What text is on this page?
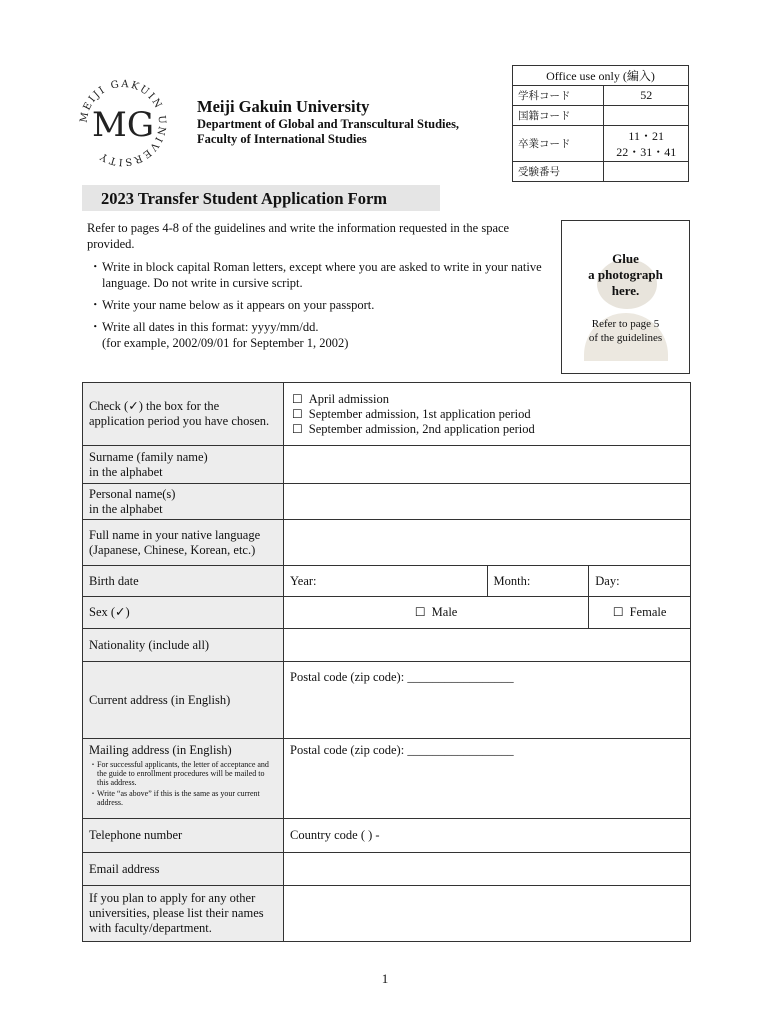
MEIJI GAKUIN UNIVERSITY
MG	Meiji Gakuin University
Department of Global and Transcultural Studies,
Faculty of International Studies
Office use only (編入)	
学科コード	52
国籍コード	
卒業コード	11・21
22・31・41

受験番号	
2023 Transfer Student Application Form
Refer to pages 4-8 of the guidelines and write the information requested in the space provided.
・ Write in block capital Roman letters, except where you are asked to write in your native language. Do not write in cursive script.
・ Write your name below as it appears on your passport.
・ Write all dates in this format: yyyy/mm/dd.
(for example, 2002/09/01 for September 1, 2002)
Glue
a photograph
here.
Refer to page 5
of the guidelines
Check (✓) the box for the application period you have chosen.	☐ April admission
☐ September admission, 1st application period
☐ September admission, 2nd application period		

Surname (family name)
in the alphabet			

Personal name(s)
in the alphabet			

Full name in your native language (Japanese, Chinese, Korean, etc.)			
Birth date	Year:	Month:	Day:
Sex (✓)	☐ Male		☐ Female
Nationality (include all)			
Current address (in English)	Postal code (zip code): _________________		

Mailing address (in English)
・ For successful applicants, the letter of acceptance and the guide to enrollment procedures will be mailed to this address.
・ Write “as above” if this is the same as your current address.	Postal code (zip code): _________________		
Telephone number	Country code ( ) -		
Email address			
If you plan to apply for any other universities, please list their names with faculty/department.			
1
